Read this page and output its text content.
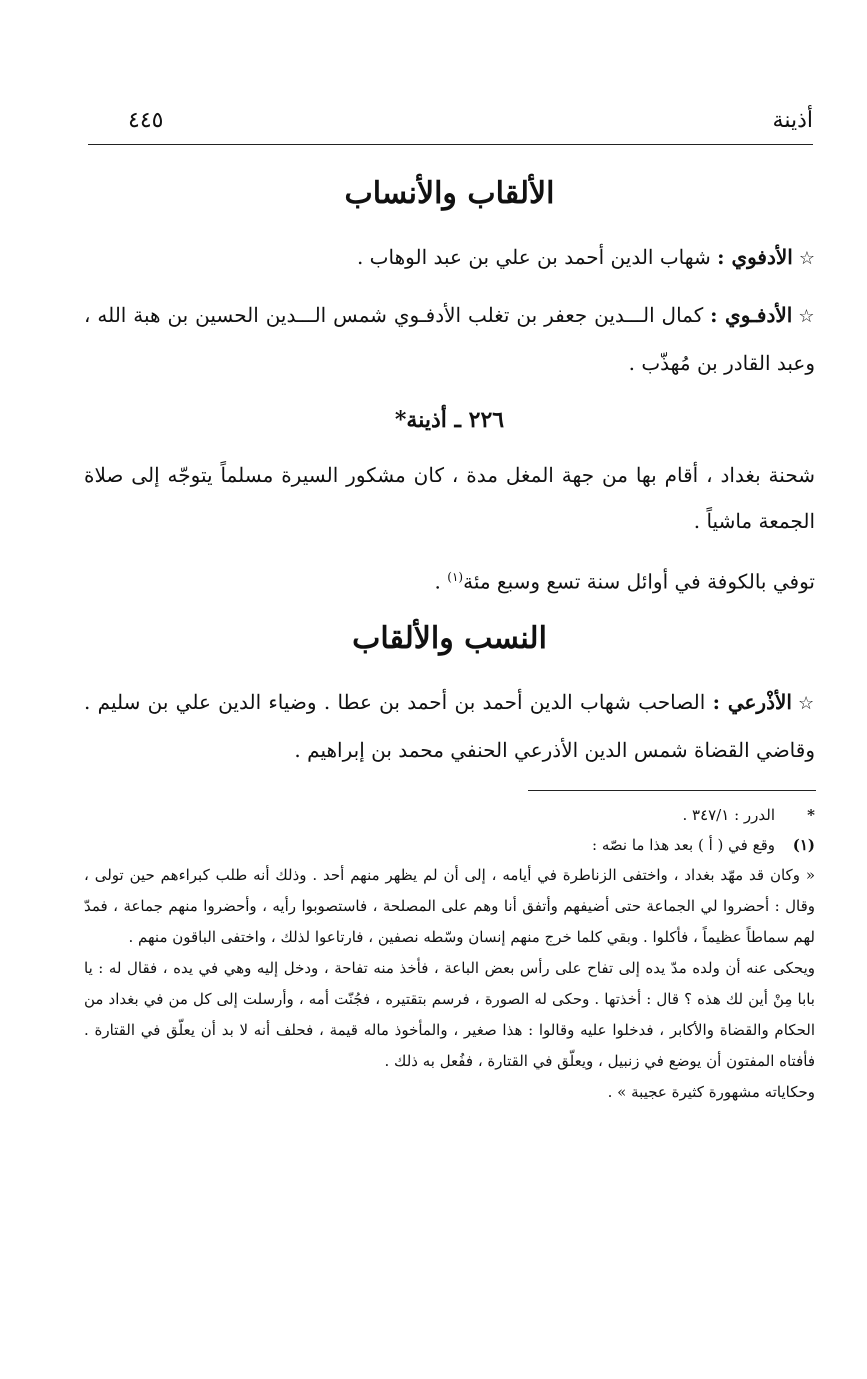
أذينة
٤٤٥
الألقاب والأنساب

☆الأدفوي : شهاب الدين أحمد بن علي بن عبد الوهاب .

☆الأدفـوي : كمال الـــدين جعفر بن تغلب الأدفـوي شمس الـــدين الحسين بن هبة الله ، وعبد القادر بن مُهذّب .

٢٢٦ ـ أذينة*

شحنة بغداد ، أقام بها من جهة المغل مدة ، كان مشكور السيرة مسلماً يتوجّه إلى صلاة الجمعة ماشياً .

توفي بالكوفة في أوائل سنة تسع وسبع مئة$^{(١)}$ .

النسب والألقاب

☆الأذْرعي : الصاحب شهاب الدين أحمد بن أحمد بن عطا . وضياء الدين علي بن سليم . وقاضي القضاة شمس الدين الأذرعي الحنفي محمد بن إبراهيم .

*الدرر : ٣٤٧/١ .
(١)وقع في ( أ ) بعد هذا ما نصّه :

« وكان قد مهّد بغداد ، واختفى الزناطرة في أيامه ، إلى أن لم يظهر منهم أحد . وذلك أنه طلب كبراءهم حين تولى ، وقال : أحضروا لي الجماعة حتى أضيفهم وأتفق أنا وهم على المصلحة ، فاستصوبوا رأيه ، وأحضروا منهم جماعة ، فمدّ لهم سماطاً عظيماً ، فأكلوا . وبقي كلما خرج منهم إنسان وسّطه نصفين ، فارتاعوا لذلك ، واختفى الباقون منهم .

ويحكى عنه أن ولده مدّ يده إلى تفاح على رأس بعض الباعة ، فأخذ منه تفاحة ، ودخل إليه وهي في يده ، فقال له : يا بابا مِنْ أين لك هذه ؟ قال : أخذتها . وحكى له الصورة ، فرسم بتقتيره ، فجُنّت أمه ، وأرسلت إلى كل من في بغداد من الحكام والقضاة والأكابر ، فدخلوا عليه وقالوا : هذا صغير ، والمأخوذ ماله قيمة ، فحلف أنه لا بد أن يعلّق في القتارة . فأفتاه المفتون أن يوضع في زنبيل ، ويعلّق في القتارة ، ففُعل به ذلك .

وحكاياته مشهورة كثيرة عجيبة » .
